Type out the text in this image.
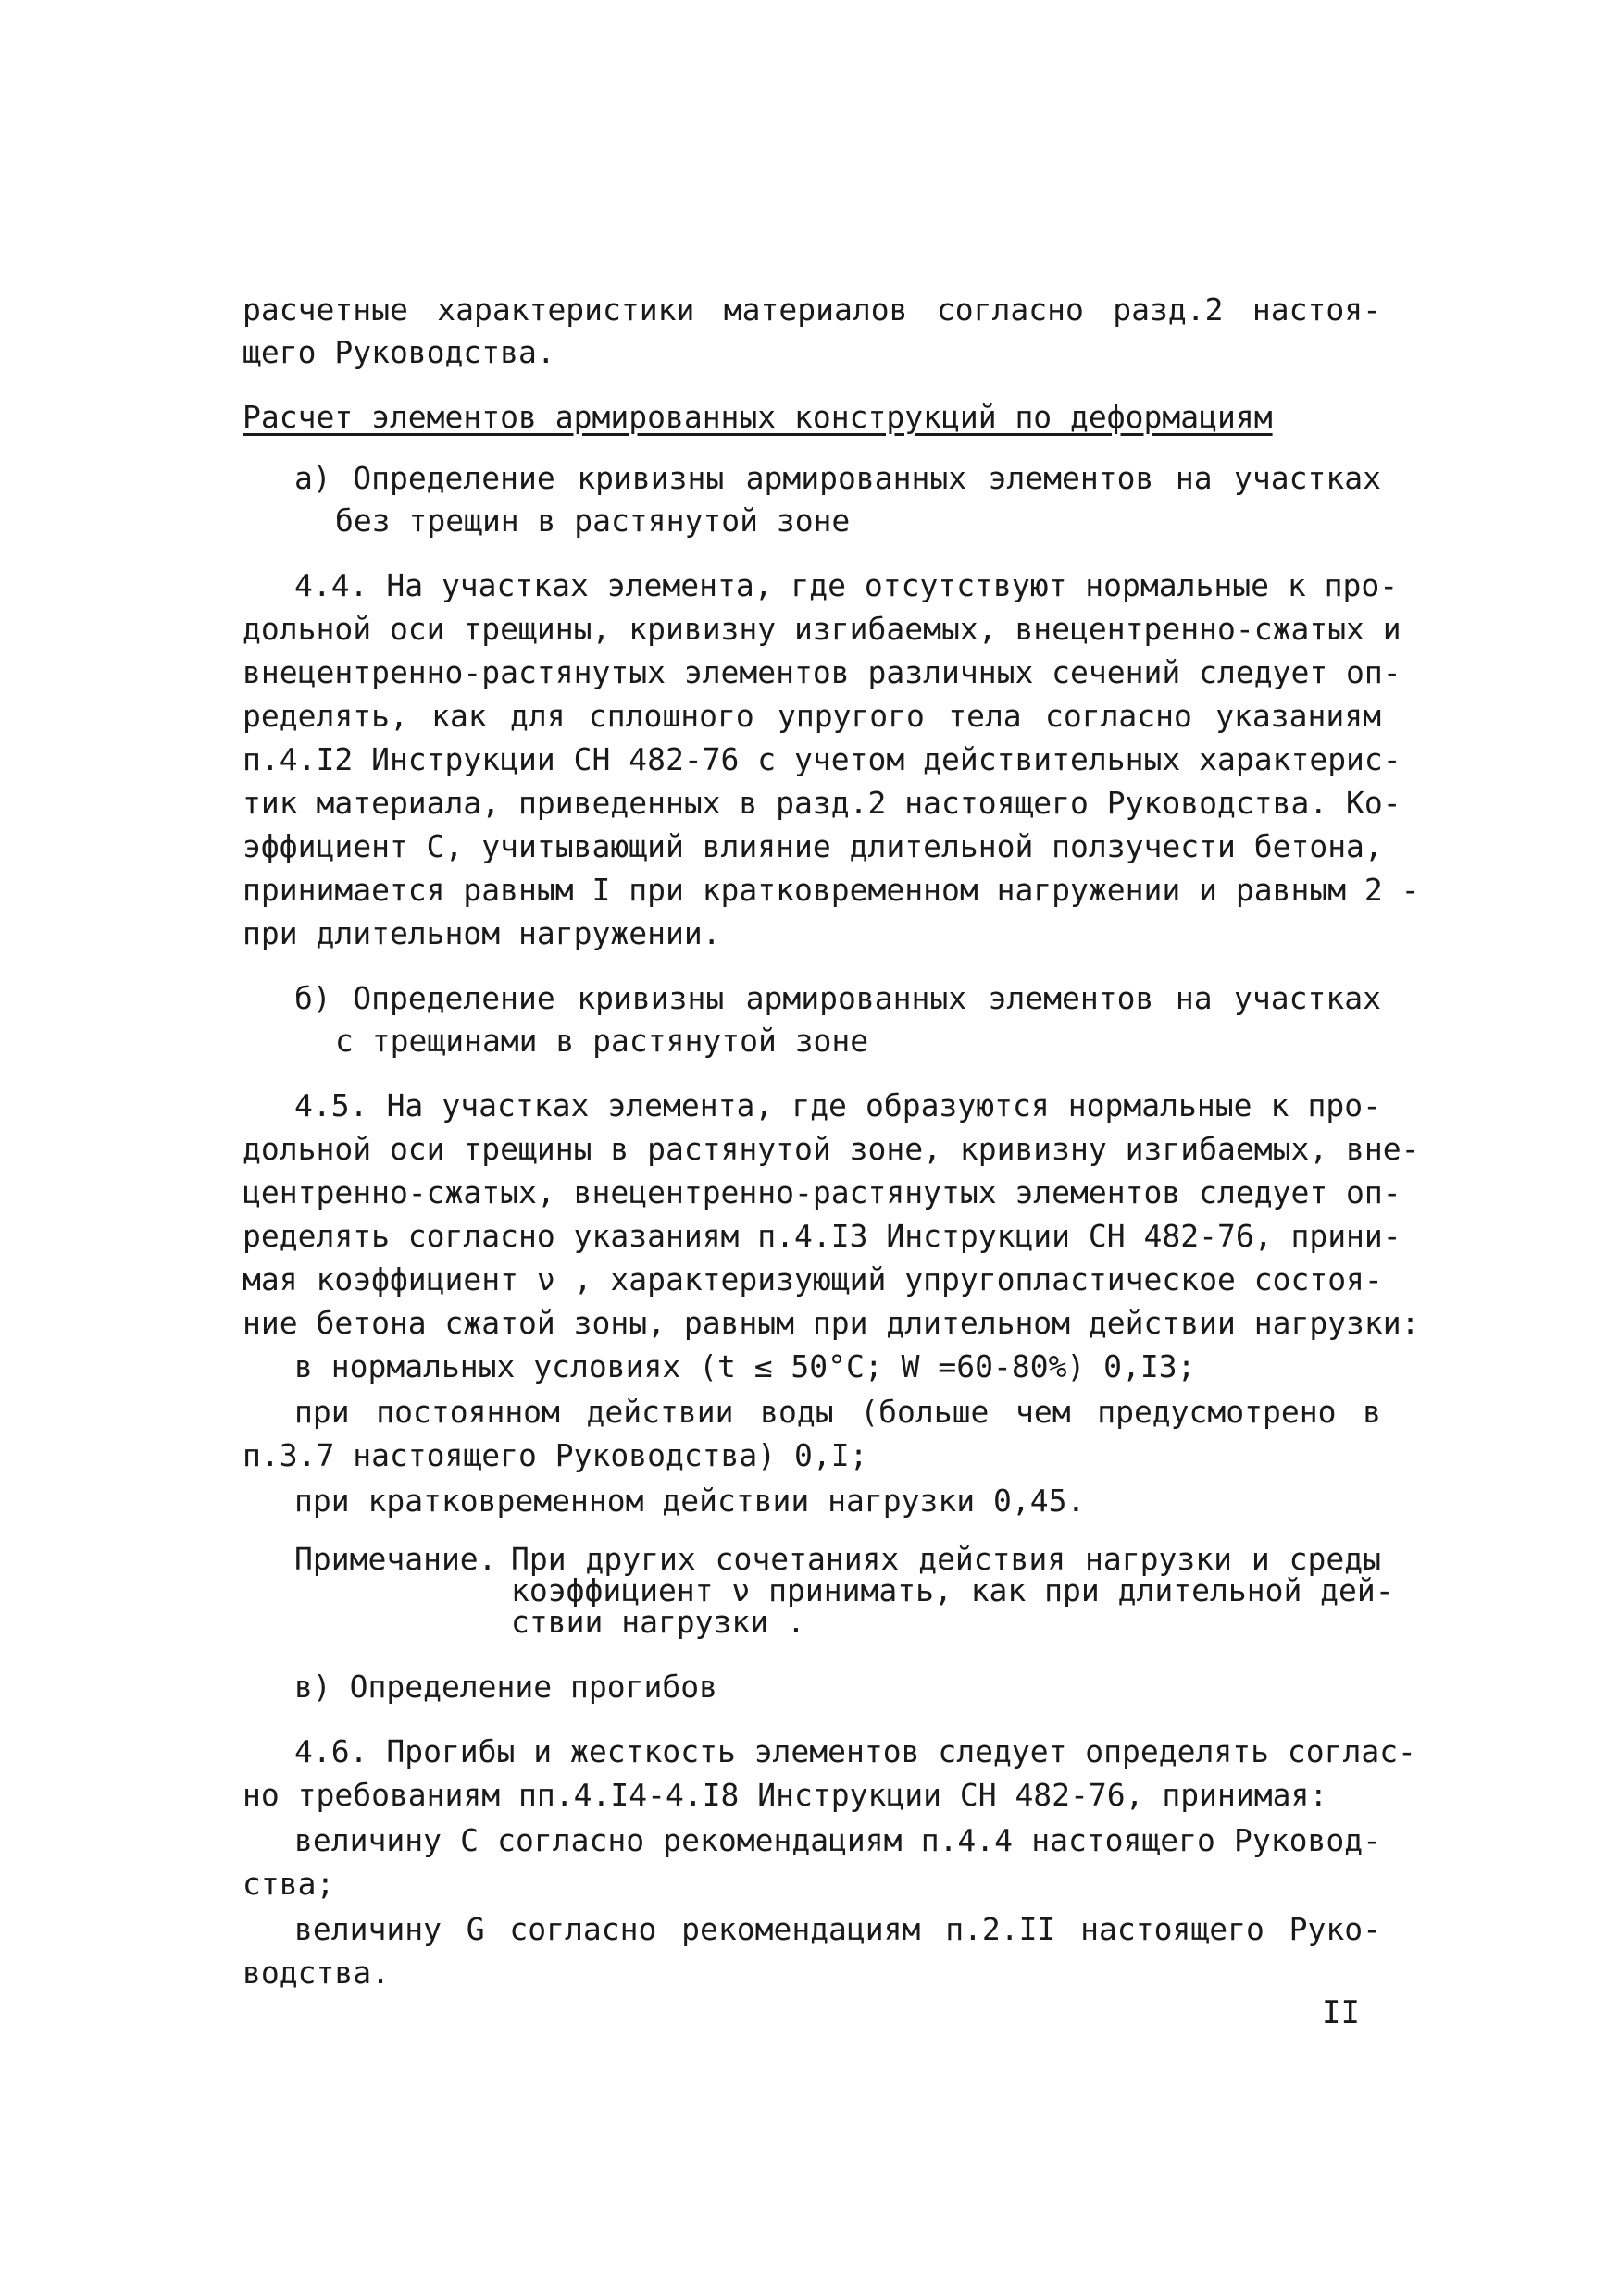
расчетные характеристики материалов согласно разд.2 настоя-
щего Руководства.
Расчет элементов армированных конструкций по деформациям
а) Определение кривизны армированных элементов на участках
без трещин в растянутой зоне
4.4. На участках элемента, где отсутствуют нормальные к про-
дольной оси трещины, кривизну изгибаемых, внецентренно-сжатых и
внецентренно-растянутых элементов различных сечений следует оп-
ределять, как для сплошного упругого тела согласно указаниям
п.4.I2 Инструкции СН 482-76 с учетом действительных характерис-
тик материала, приведенных в разд.2 настоящего Руководства. Ко-
эффициент С, учитывающий влияние длительной ползучести бетона,
принимается равным I при кратковременном нагружении и равным 2 -
при длительном нагружении.
б) Определение кривизны армированных элементов на участках
с трещинами в растянутой зоне
4.5. На участках элемента, где образуются нормальные к про-
дольной оси трещины в растянутой зоне, кривизну изгибаемых, вне-
центренно-сжатых, внецентренно-растянутых элементов следует оп-
ределять согласно указаниям п.4.I3 Инструкции СН 482-76, прини-
мая коэффициент ν , характеризующий упругопластическое состоя-
ние бетона сжатой зоны, равным при длительном действии нагрузки:
в нормальных условиях (t ≤ 50°C; W =60-80%) 0,I3;
при постоянном действии воды (больше чем предусмотрено в
п.3.7 настоящего Руководства) 0,I;
при кратковременном действии нагрузки 0,45.
Примечание. При других сочетаниях действия нагрузки и среды
коэффициент ν принимать, как при длительной дей-
ствии нагрузки .
в) Определение прогибов
4.6. Прогибы и жесткость элементов следует определять соглас-
но требованиям пп.4.I4-4.I8 Инструкции СН 482-76, принимая:
величину С согласно рекомендациям п.4.4 настоящего Руковод-
ства;
величину G согласно рекомендациям п.2.II настоящего Руко-
водства.
II
